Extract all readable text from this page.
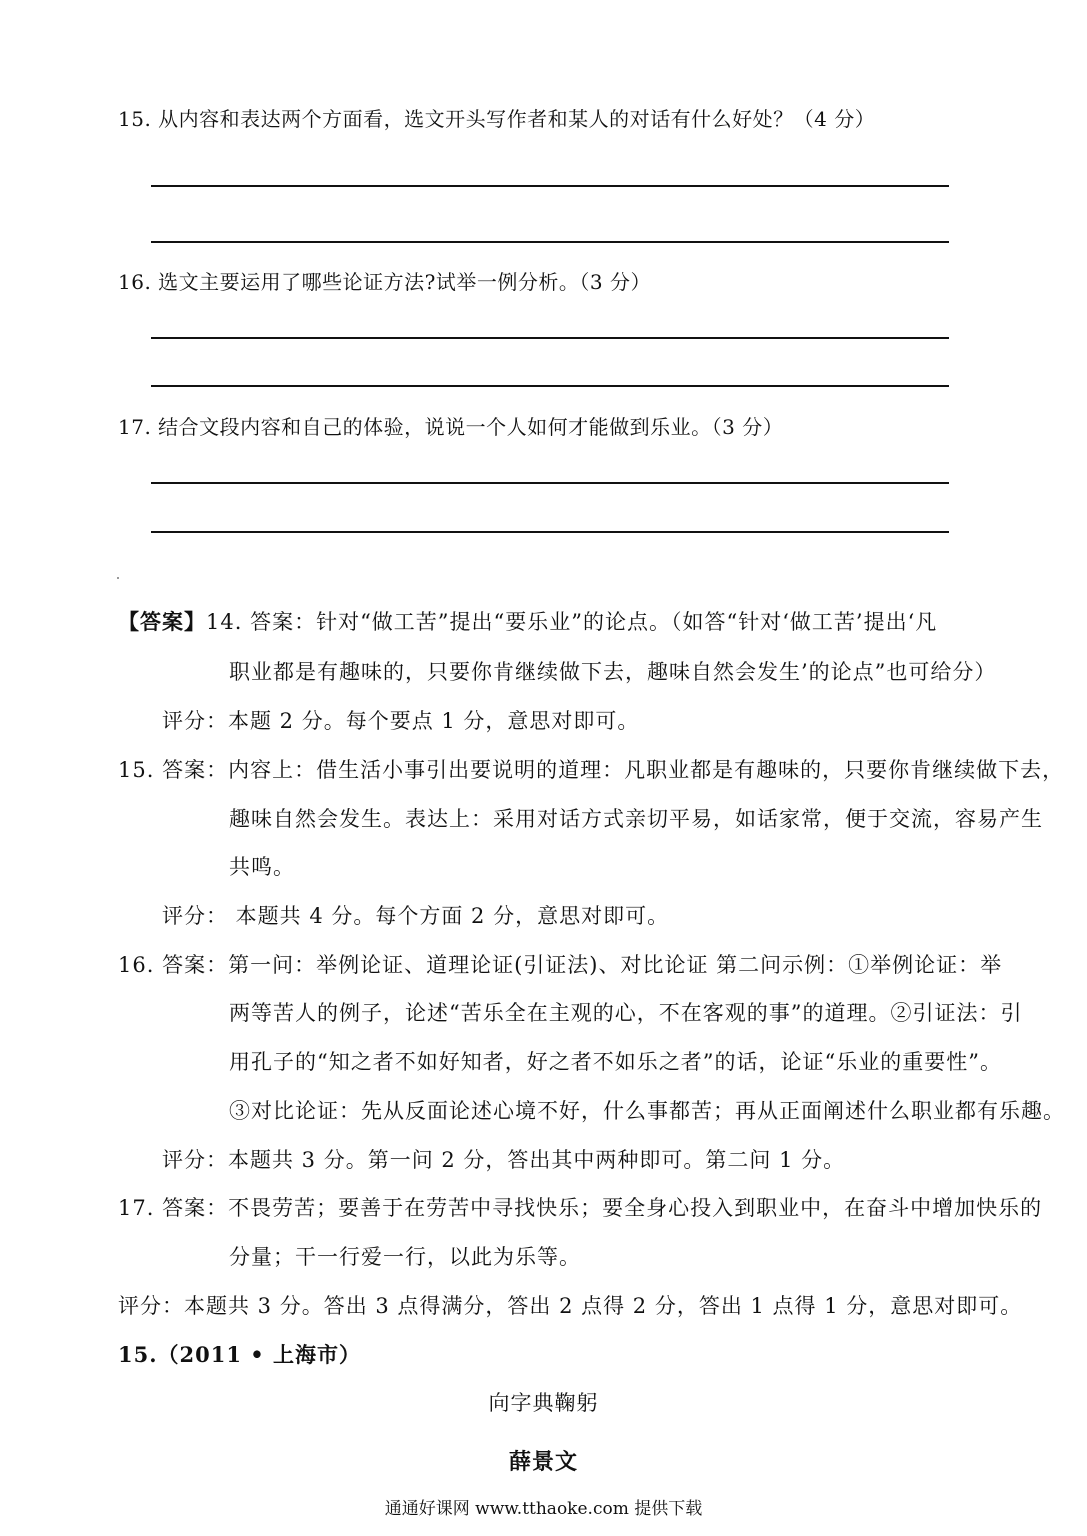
15. 从内容和表达两个方面看，选文开头写作者和某人的对话有什么好处？（4 分）
16. 选文主要运用了哪些论证方法?试举一例分析。（3 分）
17. 结合文段内容和自己的体验，说说一个人如何才能做到乐业。（3 分）
【答案】14. 答案：针对“做工苦”提出“要乐业”的论点。（如答“针对‘做工苦’提出‘凡
职业都是有趣味的，只要你肯继续做下去，趣味自然会发生’的论点”也可给分）
评分：本题 2 分。每个要点 1 分，意思对即可。
15. 答案：内容上：借生活小事引出要说明的道理：凡职业都是有趣味的，只要你肯继续做下去，
趣味自然会发生。表达上：采用对话方式亲切平易，如话家常，便于交流，容易产生
共鸣。
评分： 本题共 4 分。每个方面 2 分，意思对即可。
16. 答案：第一问：举例论证、道理论证(引证法)、对比论证 第二问示例：①举例论证：举
两等苦人的例子，论述“苦乐全在主观的心，不在客观的事”的道理。②引证法：引
用孔子的“知之者不如好知者，好之者不如乐之者”的话，论证“乐业的重要性”。
③对比论证：先从反面论述心境不好，什么事都苦；再从正面阐述什么职业都有乐趣。
评分：本题共 3 分。第一问 2 分，答出其中两种即可。第二问 1 分。
17. 答案：不畏劳苦；要善于在劳苦中寻找快乐；要全身心投入到职业中，在奋斗中增加快乐的
分量；干一行爱一行，以此为乐等。
评分：本题共 3 分。答出 3 点得满分，答出 2 点得 2 分，答出 1 点得 1 分，意思对即可。
15.（2011 • 上海市）
向字典鞠躬
薛景文
通通好课网 www.tthaoke.com 提供下载
